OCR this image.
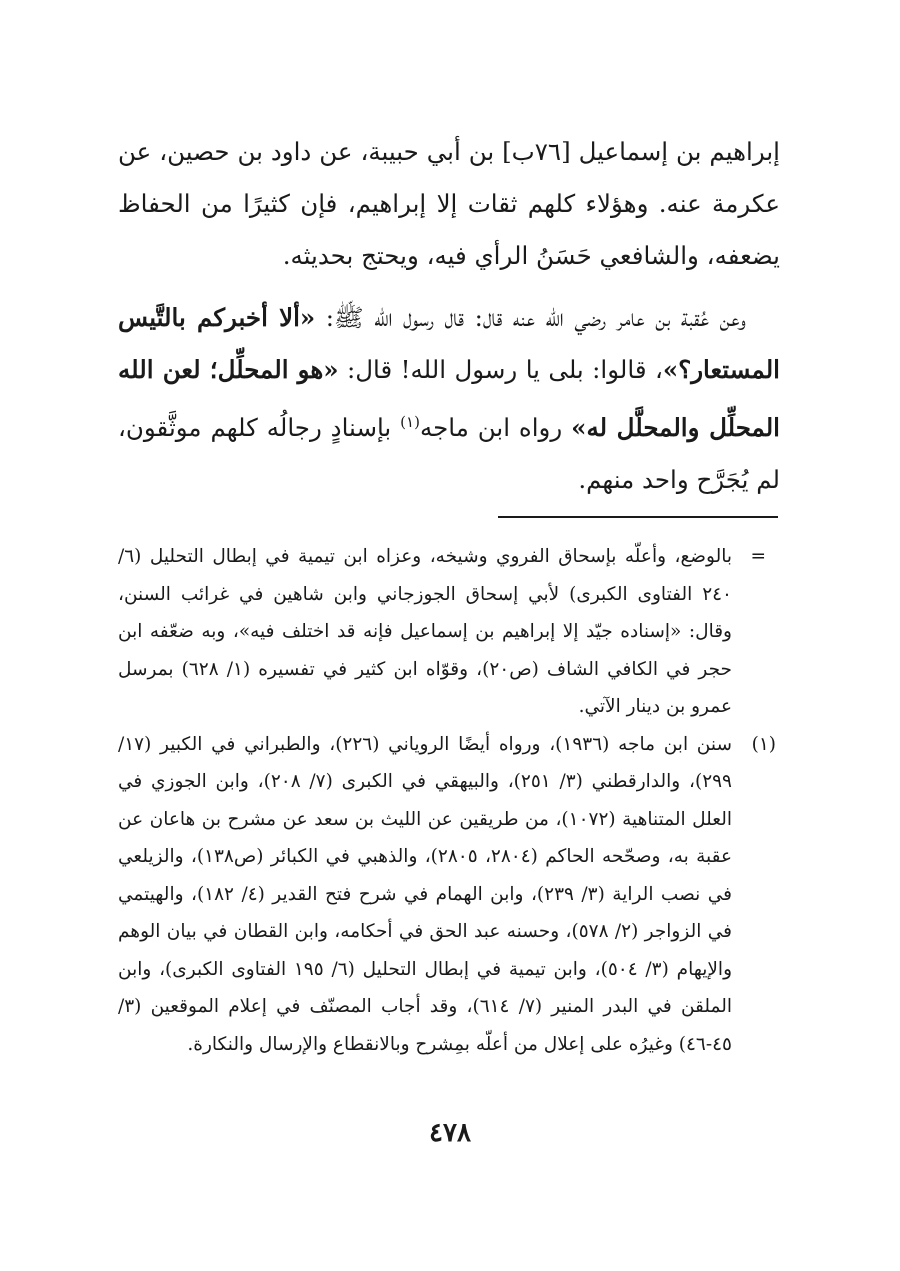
إبراهيم بن إسماعيل [٧٦ب] بن أبي حبيبة، عن داود بن حصين، عن عكرمة عنه. وهؤلاء كلهم ثقات إلا إبراهيم، فإن كثيرًا من الحفاظ يضعفه، والشافعي حَسَنُ الرأي فيه، ويحتج بحديثه.

وعن عُقبة بن عامر رضي الله عنه قال: قال رسول الله ﷺ: «ألا أخبركم بالتَّيس المستعار؟»، قالوا: بلى يا رسول الله! قال: «هو المحلِّل؛ لعن الله المحلِّل والمحلَّل له» رواه ابن ماجه$^{(١)}$ بإسنادٍ رجالُه كلهم موثَّقون، لم يُجَرَّح واحد منهم.

=
بالوضع، وأعلّه بإسحاق الفروي وشيخه، وعزاه ابن تيمية في إبطال التحليل (٦/ ٢٤٠ الفتاوى الكبرى) لأبي إسحاق الجوزجاني وابن شاهين في غرائب السنن، وقال: «إسناده جيّد إلا إبراهيم بن إسماعيل فإنه قد اختلف فيه»، وبه ضعّفه ابن حجر في الكافي الشاف (ص٢٠)، وقوّاه ابن كثير في تفسيره (١/ ٦٢٨) بمرسل عمرو بن دينار الآتي.
(١)
سنن ابن ماجه (١٩٣٦)، ورواه أيضًا الروياني (٢٢٦)، والطبراني في الكبير (١٧/ ٢٩٩)، والدارقطني (٣/ ٢٥١)، والبيهقي في الكبرى (٧/ ٢٠٨)، وابن الجوزي في العلل المتناهية (١٠٧٢)، من طريقين عن الليث بن سعد عن مشرح بن هاعان عن عقبة به، وصحّحه الحاكم (٢٨٠٤، ٢٨٠٥)، والذهبي في الكبائر (ص١٣٨)، والزيلعي في نصب الراية (٣/ ٢٣٩)، وابن الهمام في شرح فتح القدير (٤/ ١٨٢)، والهيتمي في الزواجر (٢/ ٥٧٨)، وحسنه عبد الحق في أحكامه، وابن القطان في بيان الوهم والإيهام (٣/ ٥٠٤)، وابن تيمية في إبطال التحليل (٦/ ١٩٥ الفتاوى الكبرى)، وابن الملقن في البدر المنير (٧/ ٦١٤)، وقد أجاب المصنّف في إعلام الموقعين (٣/ ٤٥-٤٦) وغيرُه على إعلال من أعلّه بمِشرح وبالانقطاع والإرسال والنكارة.
٤٧٨
